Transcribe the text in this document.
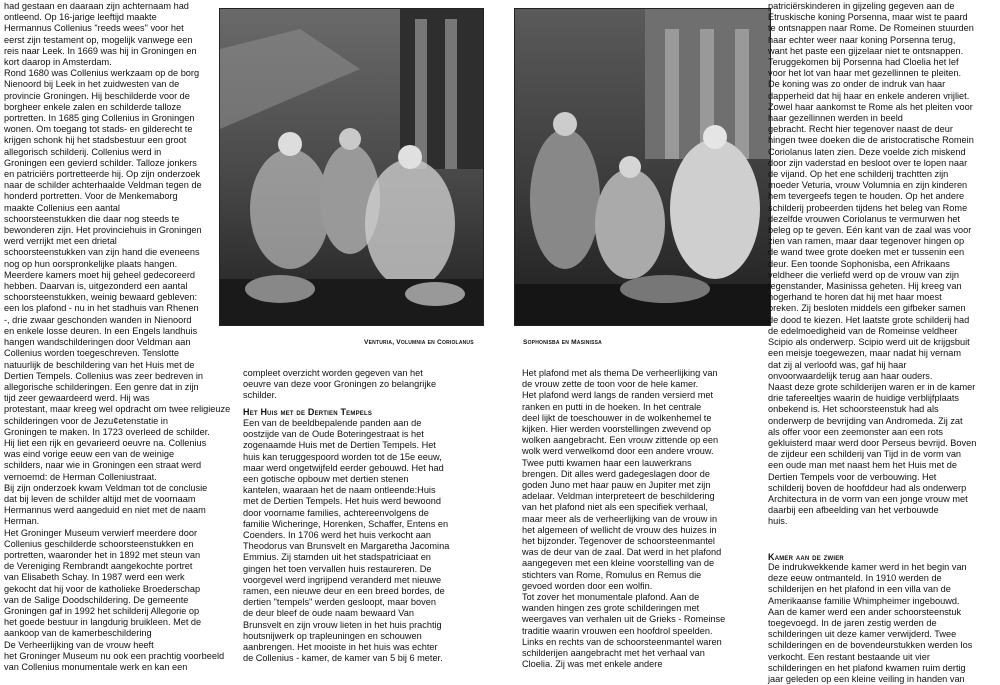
had gestaan en daaraan zijn achternaam had
ontleend. Op 16-jarige leeftijd maakte
Hermannus Collenius "reeds wees" voor het
eerst zijn testament op, mogelijk vanwege een
reis naar Leek. In 1669 was hij in Groningen en
kort daarop in Amsterdam.
Rond 1680 was Collenius werkzaam op de borg
Nienoord bij Leek in het zuidwesten van de
provincie Groningen. Hij beschilderde voor de
borgheer enkele zalen en schilderde talloze
portretten. In 1685 ging Collenius in Groningen
wonen. Om toegang tot stads- en gilderecht te
krijgen schonk hij het stadsbestuur een groot
allegorisch schilderij. Collenius werd in
Groningen een gevierd schilder. Talloze jonkers
en patriciërs portretteerde hij. Op zijn onderzoek
naar de schilder achterhaalde Veldman tegen de
honderd portretten. Voor de Menkemaborg
maakte Collenius een aantal
schoorsteenstukken die daar nog steeds te
bewonderen zijn. Het provinciehuis in Groningen
werd verrijkt met een drietal
schoorsteenstukken van zijn hand die eveneens
nog op hun oorspronkelijke plaats hangen.
Meerdere kamers moet hij geheel gedecoreerd
hebben. Daarvan is, uitgezonderd een aantal
schoorsteenstukken, weinig bewaard gebleven:
een los plafond - nu in het stadhuis van Rhenen
-, drie zwaar geschonden wanden in Nienoord
en enkele losse deuren. In een Engels landhuis
hangen wandschilderingen door Veldman aan
Collenius worden toegeschreven. Tenslotte
natuurlijk de beschildering van het Huis met de
Dertien Tempels. Collenius was zeer bedreven in
allegorische schilderingen. Een genre dat in zijn
tijd zeer gewaardeerd werd. Hij was
protestant, maar kreeg wel opdracht om twee religieuze
schilderingen voor de Jezu¢etenstatie in
Groningen te maken. In 1723 overleed de schilder.
Hij liet een rijk en gevarieerd oeuvre na. Collenius
was eind vorige eeuw een van de weinige
schilders, naar wie in Groningen een straat werd
vernoemd: de Herman Colleniustraat.
Bij zijn onderzoek kwam Veldman tot de conclusie
dat bij leven de schilder altijd met de voornaam
Hermannus werd aangeduid en niet met de naam
Herman.
Het Groninger Museum verwierf meerdere door
Collenius geschilderde schoorsteenstukken en
portretten, waaronder het in 1892 met steun van
de Vereniging Rembrandt aangekochte portret
van Elisabeth Schay. In 1987 werd een werk
gekocht dat hij voor de katholieke Broederschap
van de Salige Doodschildering. De gemeente
Groningen gaf in 1992 het schilderij Allegorie op
het goede bestuur in langdurig bruikleen. Met de
aankoop van de kamerbeschildering
De Verheerlijking van de vrouw heeft
het Groninger Museum nu ook een prachtig voorbeeld
van Collenius monumentale werk en kan een
Venturia, Volumnia en Coriolanus
compleet overzicht worden gegeven van het
oeuvre van deze voor Groningen zo belangrijke
schilder.
Het Huis met de Dertien Tempels
Een van de beeldbepalende panden aan de
oostzijde van de Oude Boteringestraat is het
zogenaamde Huis met de Dertien Tempels. Het
huis kan teruggespoord worden tot de 15e eeuw,
maar werd ongetwijfeld eerder gebouwd. Het had
een gotische opbouw met dertien stenen
kantelen, waaraan het de naam ontleende:Huis
met de Dertien Tempels. Het huis werd bewoond
door voorname families, achtereenvolgens de
familie Wicheringe, Horenken, Schaffer, Entens en
Coenders. In 1706 werd het huis verkocht aan
Theodorus van Brunsvelt en Margaretha Jacomina
Emmius. Zij stamden uit het stadspatriciaat en
gingen het toen vervallen huis restaureren. De
voorgevel werd ingrijpend veranderd met nieuwe
ramen, een nieuwe deur en een breed bordes, de
dertien "tempels" werden gesloopt, maar boven
de deur bleef de oude naam bewaard Van
Brunsvelt en zijn vrouw lieten in het huis prachtig
houtsnijwerk op trapleuningen en schouwen
aanbrengen. Het mooiste in het huis was echter
de Collenius - kamer, de kamer van 5 bij 6 meter.
Sophonisba en Masinissa
Het plafond met als thema De verheerlijking van
de vrouw zette de toon voor de hele kamer.
Het plafond werd langs de randen versierd met
ranken en putti in de hoeken. In het centrale
deel lijkt de toeschouwer in de wolkenhemel te
kijken. Hier werden voorstellingen zwevend op
wolken aangebracht. Een vrouw zittende op een
wolk werd verwelkomd door een andere vrouw.
Twee putti kwamen haar een lauwerkrans
brengen. Dit alles werd gadegeslagen door de
goden Juno met haar pauw en Jupiter met zijn
adelaar. Veldman interpreteert de beschildering
van het plafond niet als een specifiek verhaal,
maar meer als de verheerlijking van de vrouw in
het algemeen of wellicht de vrouw des huizes in
het bijzonder. Tegenover de schoorsteenmantel
was de deur van de zaal. Dat werd in het plafond
aangegeven met een kleine voorstelling van de
stichters van Rome, Romulus en Remus die
gevoed worden door een wolfin.
Tot zover het monumentale plafond. Aan de
wanden hingen zes grote schilderingen met
weergaves van verhalen uit de Grieks - Romeinse
traditie waarin vrouwen een hoofdrol speelden.
Links en rechts van de schoorsteenmantel waren
schilderijen aangebracht met het verhaal van
Cloelia. Zij was met enkele andere
patriciërskinderen in gijzeling gegeven aan de
Etruskische koning Porsenna, maar wist te paard
te ontsnappen naar Rome. De Romeinen stuurden
haar echter weer naar koning Porsenna terug,
want het paste een gijzelaar niet te ontsnappen.
Teruggekomen bij Porsenna had Cloelia het lef
voor het lot van haar met gezellinnen te pleiten.
De koning was zo onder de indruk van haar
dapperheid dat hij haar en enkele anderen vrijliet.
Zowel haar aankomst te Rome als het pleiten voor
haar gezellinnen werden in beeld
gebracht. Recht hier tegenover naast de deur
hingen twee doeken die de aristocratische Romein
Coriolanus laten zien. Deze voelde zich miskend
door zijn vaderstad en besloot over te lopen naar
de vijand. Op het ene schilderij trachtten zijn
moeder Veturia, vrouw Volumnia en zijn kinderen
hem tevergeefs tegen te houden. Op het andere
schilderij probeerden tijdens het beleg van Rome
dezelfde vrouwen Coriolanus te vermurwen het
beleg op te geven. Eén kant van de zaal was voor
zien van ramen, maar daar tegenover hingen op
de wand twee grote doeken met er tussenin een
deur. Een toonde Sophonisba, een Afrikaans
veldheer die verliefd werd op de vrouw van zijn
tegenstander, Masinissa geheten. Hij kreeg van
hogerhand te horen dat hij met haar moest
breken. Zij besloten middels een gifbeker samen
de dood te kiezen. Het laatste grote schilderij had
de edelmoedigheid van de Romeinse veldheer
Scipio als onderwerp. Scipio werd uit de krijgsbuit
een meisje toegewezen, maar nadat hij vernam
dat zij al verloofd was, gaf hij haar
onvoorwaardelijk terug aan haar ouders.
Naast deze grote schilderijen waren er in de kamer
drie tafereeltjes waarin de huidige verblijfplaats
onbekend is. Het schoorsteenstuk had als
onderwerp de bevrijding van Andromeda. Zij zat
als offer voor een zeemonster aan een rots
gekluisterd maar werd door Perseus bevrijd. Boven
de zijdeur een schilderij van Tijd in de vorm van
een oude man met naast hem het Huis met de
Dertien Tempels voor de verbouwing. Het
schilderij boven de hoofddeur had als onderwerp
Architectura in de vorm van een jonge vrouw met
daarbij een afbeelding van het verbouwde
huis.
Kamer aan de zwier
De indrukwekkende kamer werd in het begin van
deze eeuw ontmanteld. In 1910 werden de
schilderijen en het plafond in een villa van de
Amerikaanse familie Whimpheimer ingebouwd.
Aan de kamer werd een ander schoorsteenstuk
toegevoegd. In de jaren zestig werden de
schilderingen uit deze kamer verwijderd. Twee
schilderingen en de bovendeurstukken werden los
verkocht. Een restant bestaande uit vier
schilderingen en het plafond kwamen ruim dertig
jaar geleden op een kleine veiling in handen van
